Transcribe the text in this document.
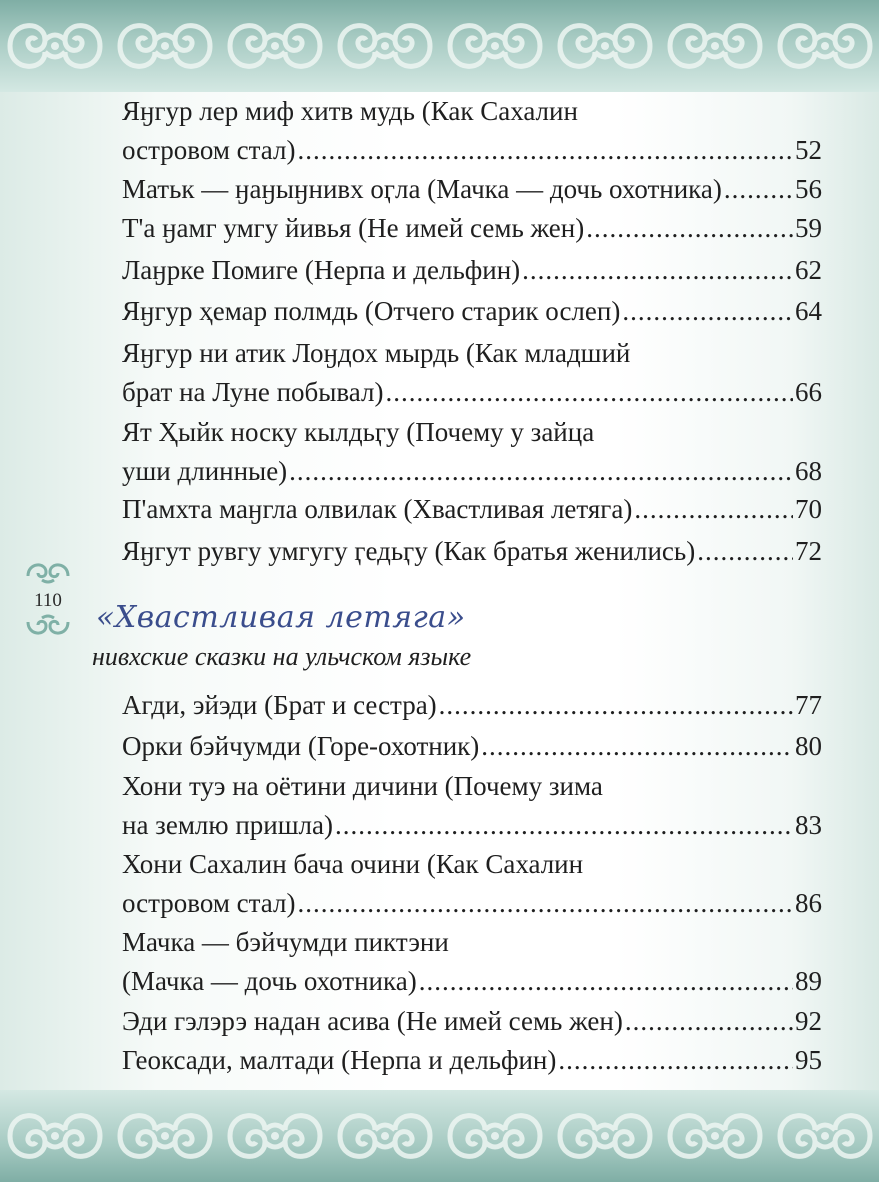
110
Яӈгур лер миф хитв мудь (Как Сахалин
островом стал) .....	52
Матьк — ӈаӈыӈнивх оӷла (Мачка — дочь охотника) .....	56
Т'а ӈамг умгу йивья (Не имей семь жен) .....	59
Лаӈрке Помиге (Нерпа и дельфин) .....	62
Яӈгур ҳемар полмдь (Отчего старик ослеп) .....	64
Яӈгур ни атик Лоӈдох мырдь (Как младший
брат на Луне побывал) .....	66
Ят Ҳыйк носку кылдьӷу (Почему у зайца
уши длинные) .....	68
П'амхта маӈгла олвилак (Хвастливая летяга) .....	70
Яӈгут рувгу умгугу ӷедьӷу (Как братья женились) .....	72
«Хвастливая летяга»
нивхские сказки на ульчском языке
Агди, эйэди (Брат и сестра) .....	77
Орки бэйчумди (Горе-охотник) .....	80
Хони туэ на оётини дичини (Почему зима
на землю пришла) .....	83
Хони Сахалин бача очини (Как Сахалин
островом стал) .....	86
Мачка — бэйчумди пиктэни
(Мачка — дочь охотника) .....	89
Эди гэлэрэ надан асива (Не имей семь жен) .....	92
Геоксади, малтади (Нерпа и дельфин) .....	95
